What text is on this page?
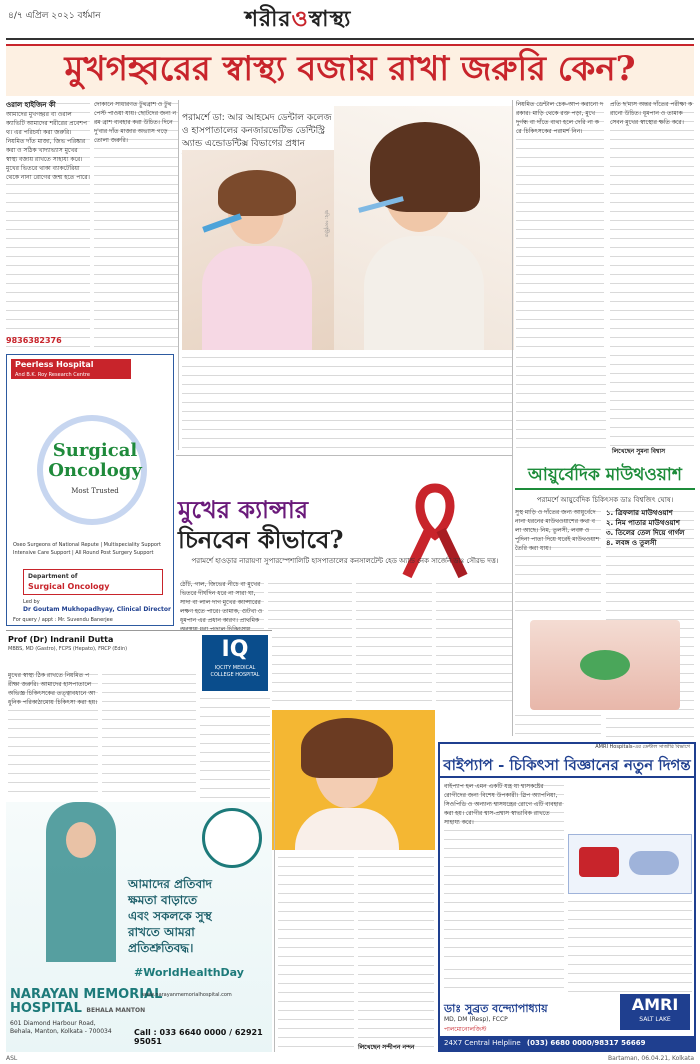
৪/৭ এপ্রিল ২০২১ বর্ধমান	শরীরওস্বাস্থ্য
মুখগহ্বরের স্বাস্থ্য বজায় রাখা জরুরি কেন?
ওরাল হাইজিন কী
আমাদের মুখগহ্বর বা ওরাল ক্যাভিটি আমাদের শরীরের প্রবেশপথ। এর পরিচর্যা করা জরুরি। নিয়মিত দাঁত মাজা, জিভ পরিষ্কার করা ও সঠিক খাদ্যাভ্যাস মুখের স্বাস্থ্য বজায় রাখতে সাহায্য করে। মুখের ভিতরে থাকা ব্যাকটেরিয়া থেকে নানা রোগের জন্ম হতে পারে।
9836382376
দোকানে সাধারণত টুথব্রাশ ও টুথপেস্ট পাওয়া যায়। ছোটদের জন্য নরম ব্রাশ ব্যবহার করা উচিত। দিনে দু'বার দাঁত মাজার অভ্যাস গড়ে তোলা জরুরি।
পরামর্শে ডা: আর আহমেদ ডেন্টাল কলেজ ও হাসপাতালের কনজারভেটিভ ডেন্টিস্ট্রি অ্যান্ড এন্ডোডন্টিক্স বিভাগের প্রধান
ছবি: সংগৃহীত
নিয়মিত ডেন্টাল চেক-আপ করানো দরকার। মাড়ি থেকে রক্ত পড়া, মুখে দুর্গন্ধ বা দাঁতে ব্যথা হলে দেরি না করে চিকিৎসকের পরামর্শ নিন।
প্রতি ছ'মাস অন্তর দাঁতের পরীক্ষা করানো উচিত। ধূমপান ও তামাক সেবন মুখের স্বাস্থ্যের ক্ষতি করে।
লিখেছেন সুমনা বিশ্বাস
Peerless Hospital
And B.K. Roy Research Centre
Surgical
Oncology
Most Trusted
Oseo Surgeons of National Repute | Multispeciality Support
Intensive Care Support | All Round Post Surgery Support
Department of
Surgical Oncology
Led by
Dr Goutam Mukhopadhyay, Clinical Director
For query / appt : Mr. Suvendu Banerjee
মুখের ক্যান্সার
চিনবেন কীভাবে?
পরামর্শে হাওড়ার নারায়ণা সুপারস্পেশালিটি হাসপাতালের কনসালটেন্ট হেড অ্যান্ড নেক সার্জেন ডাঃ সৌরভ দত্ত।
ঠোঁট, গাল, জিভের নীচে বা মুখের ভিতরে দীর্ঘদিন ধরে না সারা ঘা, সাদা বা লাল দাগ মুখের ক্যান্সারের লক্ষণ হতে পারে। তামাক, গুটখা ও ধূমপান এর প্রধান কারণ। প্রাথমিক
লিখেছেন সন্দীপন নন্দন
আয়ুর্বেদিক মাউথওয়াশ
পরামর্শে আয়ুর্বেদিক চিকিৎসক ডাঃ বিশ্বজিৎ ঘোষ।
সুস্থ মাড়ি ও দাঁতের জন্য আয়ুর্বেদে নানা ধরনের মাউথওয়াশের কথা বলা আছে। নিম, তুলসী, লবঙ্গ ও পুদিনা পাতা দিয়ে ঘরেই মাউথওয়াশ তৈরি করা যায়।
১. ত্রিফলার মাউথওয়াশ
২. নিম পাতার মাউথওয়াশ
৩. তিলের তেল দিয়ে গার্গল
৪. লবঙ্গ ও তুলসী
Prof (Dr) Indranil Dutta
MBBS, MD (Gastro), FCPS (Hepato), FRCP (Edin)	IQ
IQCITY MEDICAL COLLEGE HOSPITAL
মুখের স্বাস্থ্য ঠিক রাখতে নিয়মিত পরীক্ষা জরুরি। আমাদের হাসপাতালে অভিজ্ঞ চিকিৎসকের তত্ত্বাবধানে আধুনিক পরিকাঠামোয় চিকিৎসা করা হয়।
আমাদের প্রতিবাদ
ক্ষমতা বাড়াতে
এবং সকলকে সুস্থ
রাখতে আমরা
প্রতিশ্রুতিবদ্ধ।
#WorldHealthDay
NARAYAN MEMORIAL
HOSPITAL BEHALA MANTON
www.narayanmemorialhospital.com
601 Diamond Harbour Road,
Behala, Manton, Kolkata - 700034	Call : 033 6640 0000 / 62921 95051
AMRI Hospitals-এর ডেন্টাল সার্জারি বিভাগে
বাইপ্যাপ - চিকিৎসা বিজ্ঞানের নতুন দিগন্ত
বাইপ্যাপ হল এমন একটি যন্ত্র যা শ্বাসকষ্টের রোগীদের জন্য বিশেষ উপকারী। স্লিপ অ্যাপনিয়া, সিওপিডি ও অন্যান্য শ্বাসযন্ত্রের রোগে এটি ব্যবহার করা হয়। রোগীর শ্বাস-প্রশ্বাস স্বাভাবিক রাখতে সাহায্য করে।
ডাঃ সুব্রত বন্দ্যোপাধ্যায়
MD, DM (Resp), FCCP
পালমোনোলজিস্ট
AMRI
SALT LAKE
24X7 Central Helpline (033) 6680 0000/98317 56669
ASL	Bartaman, 06.04.21, Kolkata
